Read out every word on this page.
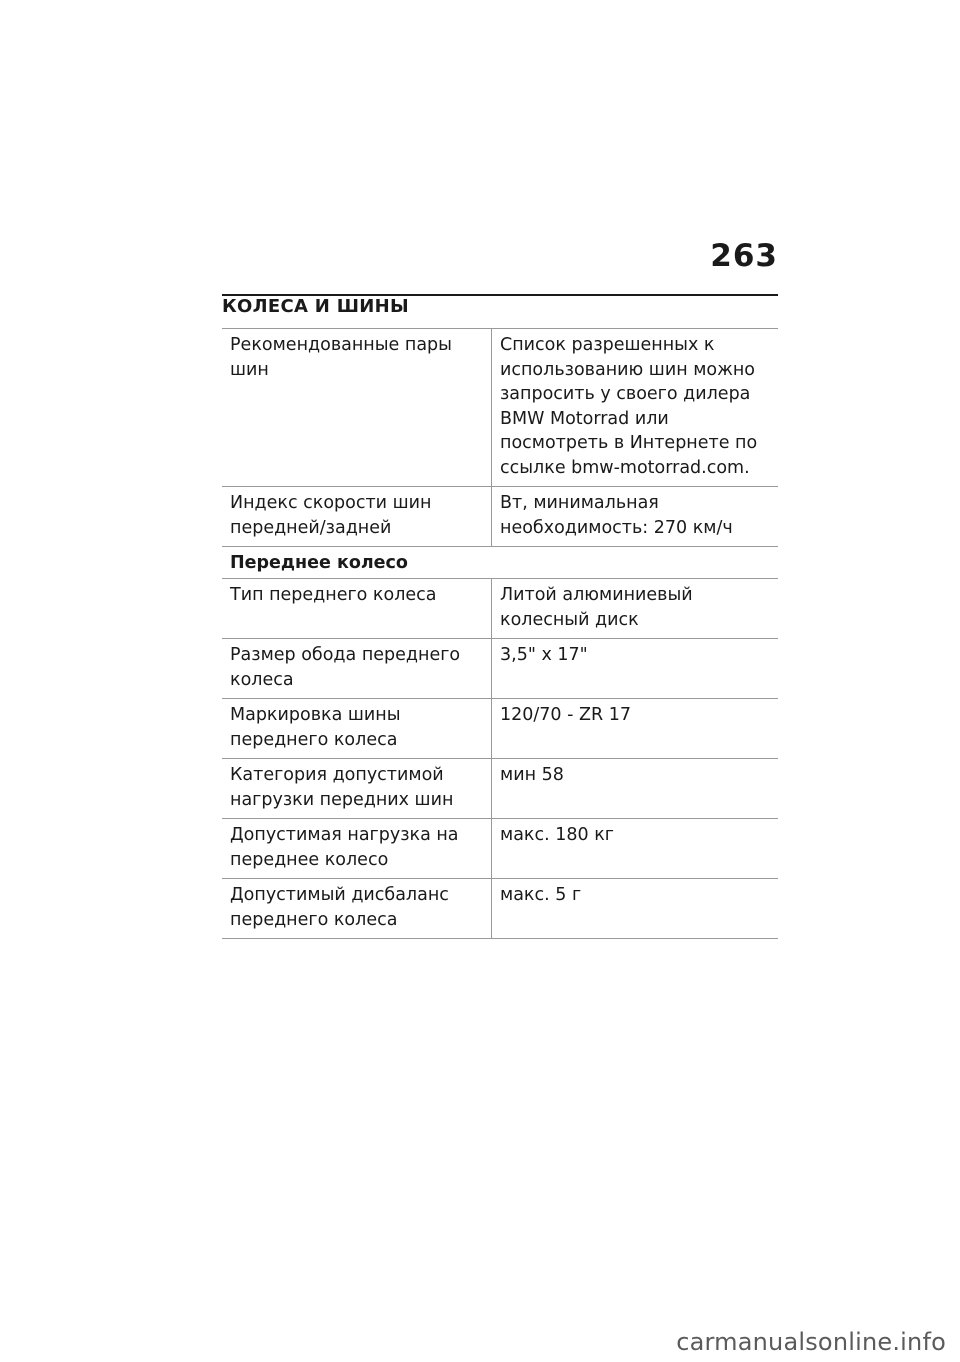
263
КОЛЕСА И ШИНЫ
Рекомендованные пары шин
Список разрешенных к использованию шин можно запросить у своего дилера BMW Motorrad или посмотреть в Интернете по ссылке bmw-motorrad.com.
Индекс скорости шин передней/задней
Вт, минимальная необходимость: 270 км/ч
Переднее колесо
Тип переднего колеса	Литой алюминиевый колесный диск
Размер обода переднего колеса
3,5" x 17"
Маркировка шины переднего колеса
120/70 - ZR 17
Категория допустимой нагрузки передних шин
мин 58
Допустимая нагрузка на переднее колесо
макс. 180 кг
Допустимый дисбаланс переднего колеса
макс. 5 г
carmanualsonline.info
